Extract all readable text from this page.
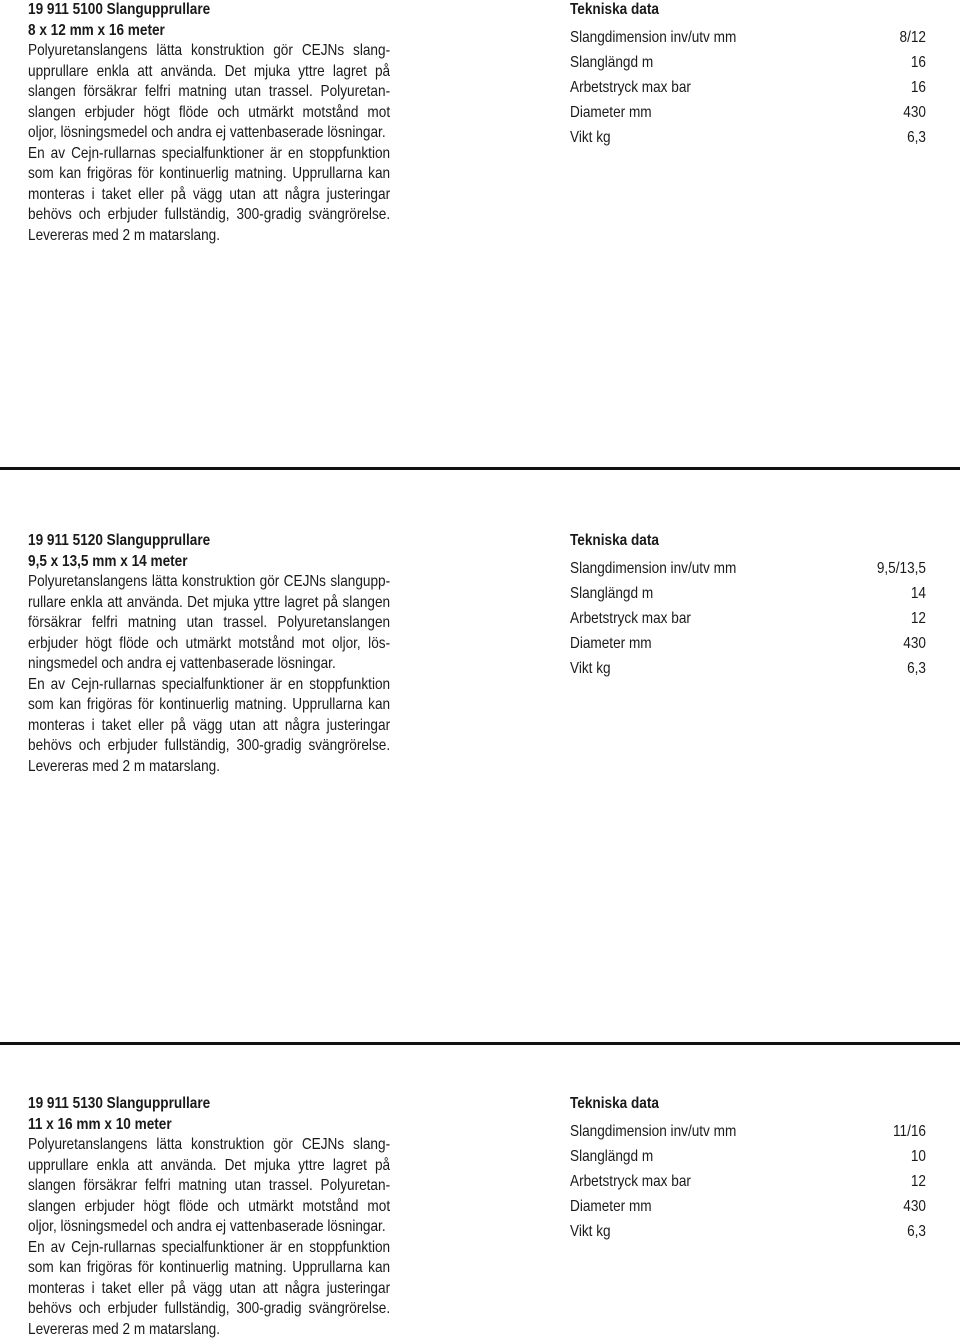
19 911 5100 Slangupprullare
8 x 12 mm x 16 meter
Polyuretanslangens lätta konstruktion gör CEJNs slang-
upprullare enkla att använda. Det mjuka yttre lagret på
slangen försäkrar felfri matning utan trassel. Polyuretan-
slangen erbjuder högt flöde och utmärkt motstånd mot
oljor, lösningsmedel och andra ej vattenbaserade lösningar.
En av Cejn-rullarnas specialfunktioner är en stoppfunktion
som kan frigöras för kontinuerlig matning. Upprullarna kan
monteras i taket eller på vägg utan att några justeringar
behövs och erbjuder fullständig, 300-gradig svängrörelse.
Levereras med 2 m matarslang.
Tekniska data
Slangdimension inv/utv mm	8/12
Slanglängd m	16
Arbetstryck max bar	16
Diameter mm	430
Vikt kg	6,3
19 911 5120 Slangupprullare
9,5 x 13,5 mm x 14 meter
Polyuretanslangens lätta konstruktion gör CEJNs slangupp-
rullare enkla att använda. Det mjuka yttre lagret på slangen
försäkrar felfri matning utan trassel. Polyuretanslangen
erbjuder högt flöde och utmärkt motstånd mot oljor, lös-
ningsmedel och andra ej vattenbaserade lösningar.
En av Cejn-rullarnas specialfunktioner är en stoppfunktion
som kan frigöras för kontinuerlig matning. Upprullarna kan
monteras i taket eller på vägg utan att några justeringar
behövs och erbjuder fullständig, 300-gradig svängrörelse.
Levereras med 2 m matarslang.
Tekniska data
Slangdimension inv/utv mm	9,5/13,5
Slanglängd m	14
Arbetstryck max bar	12
Diameter mm	430
Vikt kg	6,3
19 911 5130 Slangupprullare
11 x 16 mm x 10 meter
Polyuretanslangens lätta konstruktion gör CEJNs slang-
upprullare enkla att använda. Det mjuka yttre lagret på
slangen försäkrar felfri matning utan trassel. Polyuretan-
slangen erbjuder högt flöde och utmärkt motstånd mot
oljor, lösningsmedel och andra ej vattenbaserade lösningar.
En av Cejn-rullarnas specialfunktioner är en stoppfunktion
som kan frigöras för kontinuerlig matning. Upprullarna kan
monteras i taket eller på vägg utan att några justeringar
behövs och erbjuder fullständig, 300-gradig svängrörelse.
Levereras med 2 m matarslang.
Tekniska data
Slangdimension inv/utv mm	11/16
Slanglängd m	10
Arbetstryck max bar	12
Diameter mm	430
Vikt kg	6,3
